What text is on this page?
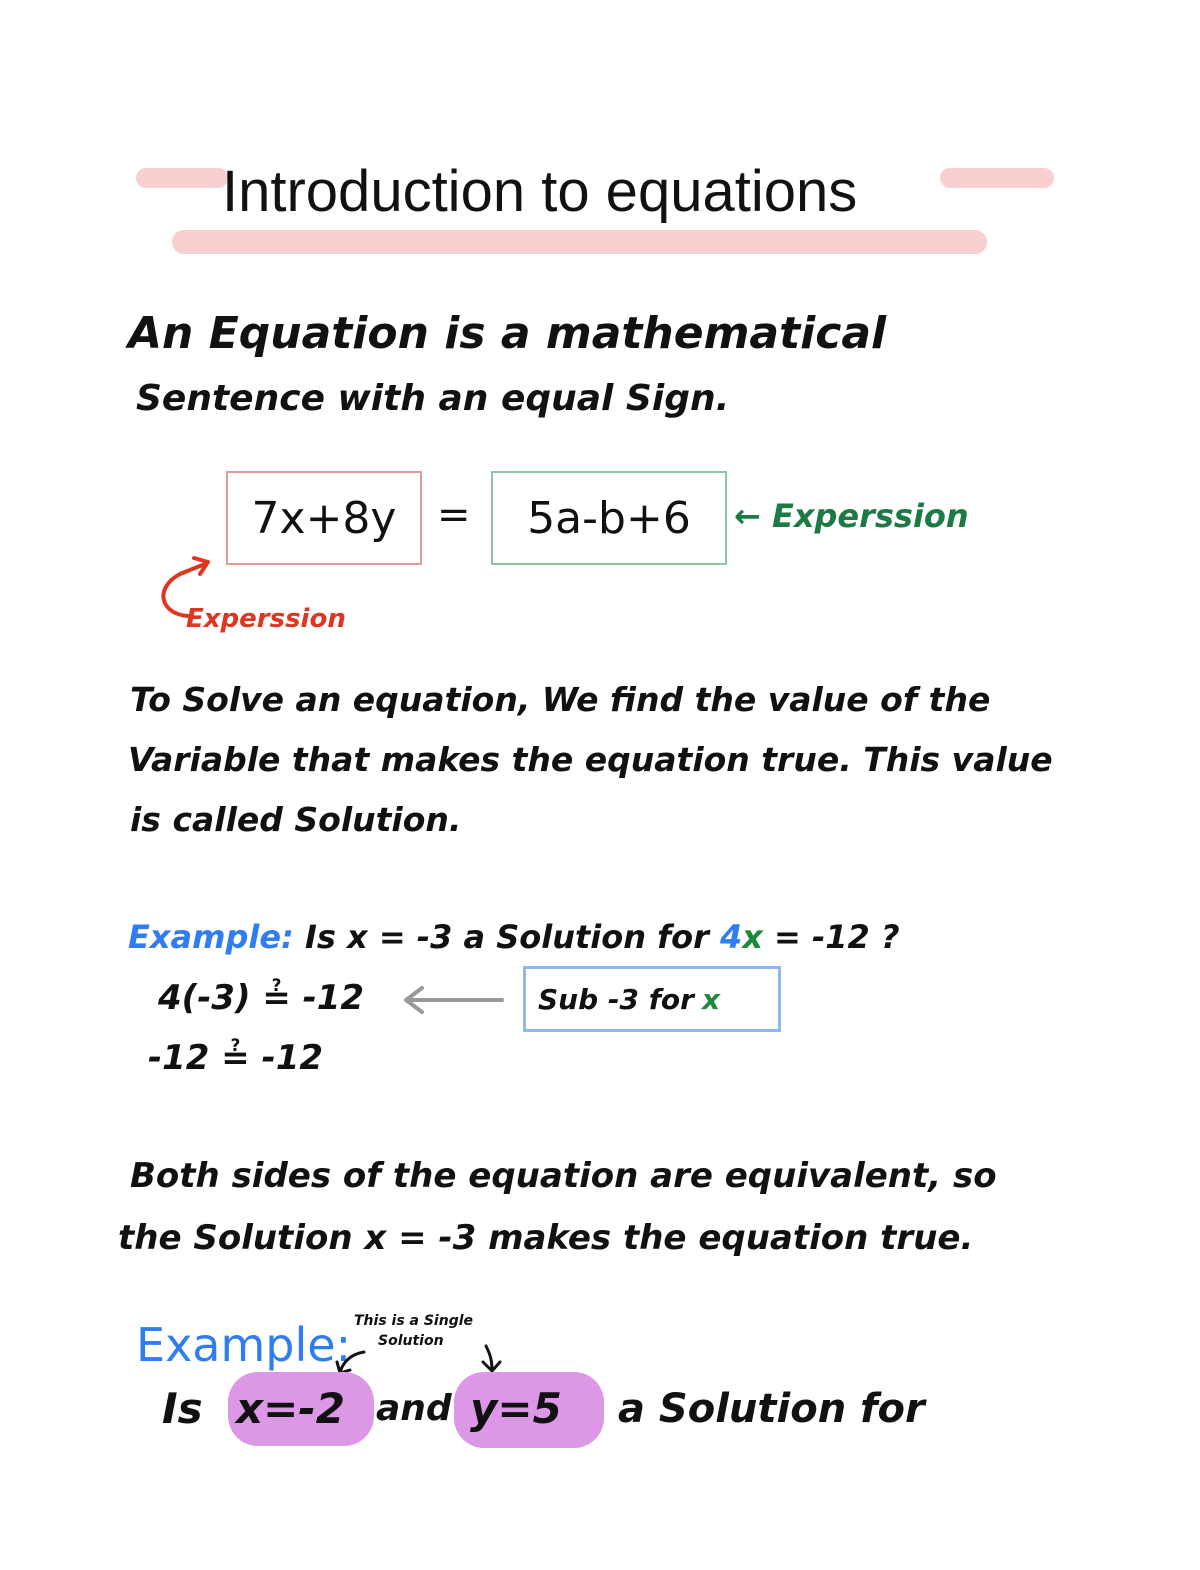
Introduction to equations
An Equation is a mathematical
Sentence with an equal Sign.
7x+8y	=	5a-b+6	← Experssion
Experssion
To Solve an equation, We find the value of the
Variable that makes the equation true. This value
is called Solution.
Example: Is x = -3 a Solution for 4x = -12 ?
4(-3) ≟ -12
-12 ≟ -12
Sub -3 for x
Both sides of the equation are equivalent, so
the Solution x = -3 makes the equation true.
Example: This is a Single
Solution
Is x=-2 and y=5 a Solution for
